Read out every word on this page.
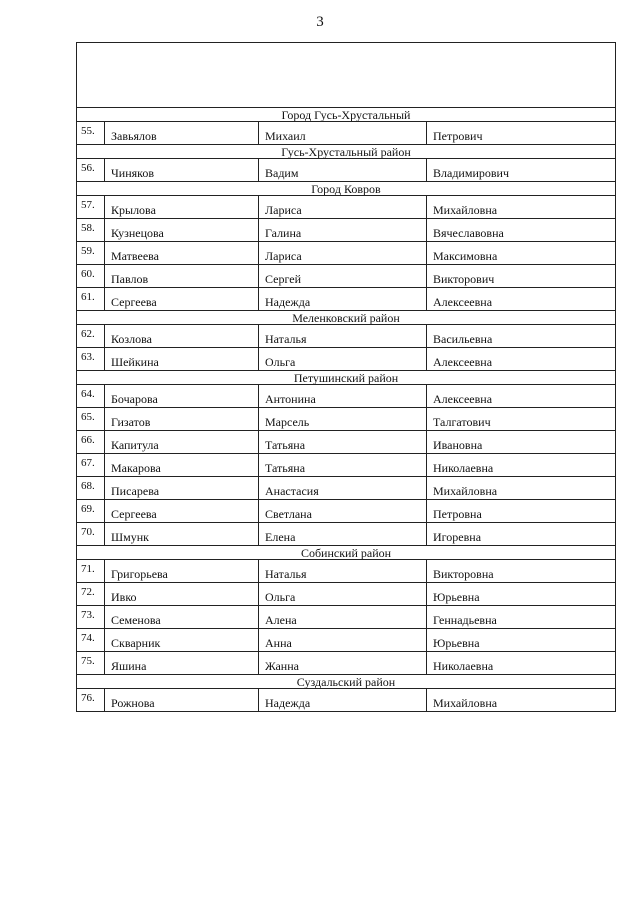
3

Город Гусь-Хрустальный			
55.	Завьялов	Михаил	Петрович
Гусь-Хрустальный район			
56.	Чиняков	Вадим	Владимирович
Город Ковров			
57.	Крылова	Лариса	Михайловна
58.	Кузнецова	Галина	Вячеславовна
59.	Матвеева	Лариса	Максимовна
60.	Павлов	Сергей	Викторович
61.	Сергеева	Надежда	Алексеевна
Меленковский район			
62.	Козлова	Наталья	Васильевна
63.	Шейкина	Ольга	Алексеевна
Петушинский район			
64.	Бочарова	Антонина	Алексеевна
65.	Гизатов	Марсель	Талгатович
66.	Капитула	Татьяна	Ивановна
67.	Макарова	Татьяна	Николаевна
68.	Писарева	Анастасия	Михайловна
69.	Сергеева	Светлана	Петровна
70.	Шмунк	Елена	Игоревна
Собинский район			
71.	Григорьева	Наталья	Викторовна
72.	Ивко	Ольга	Юрьевна
73.	Семенова	Алена	Геннадьевна
74.	Скварник	Анна	Юрьевна
75.	Яшина	Жанна	Николаевна
Суздальский район			
76.	Рожнова	Надежда	Михайловна
